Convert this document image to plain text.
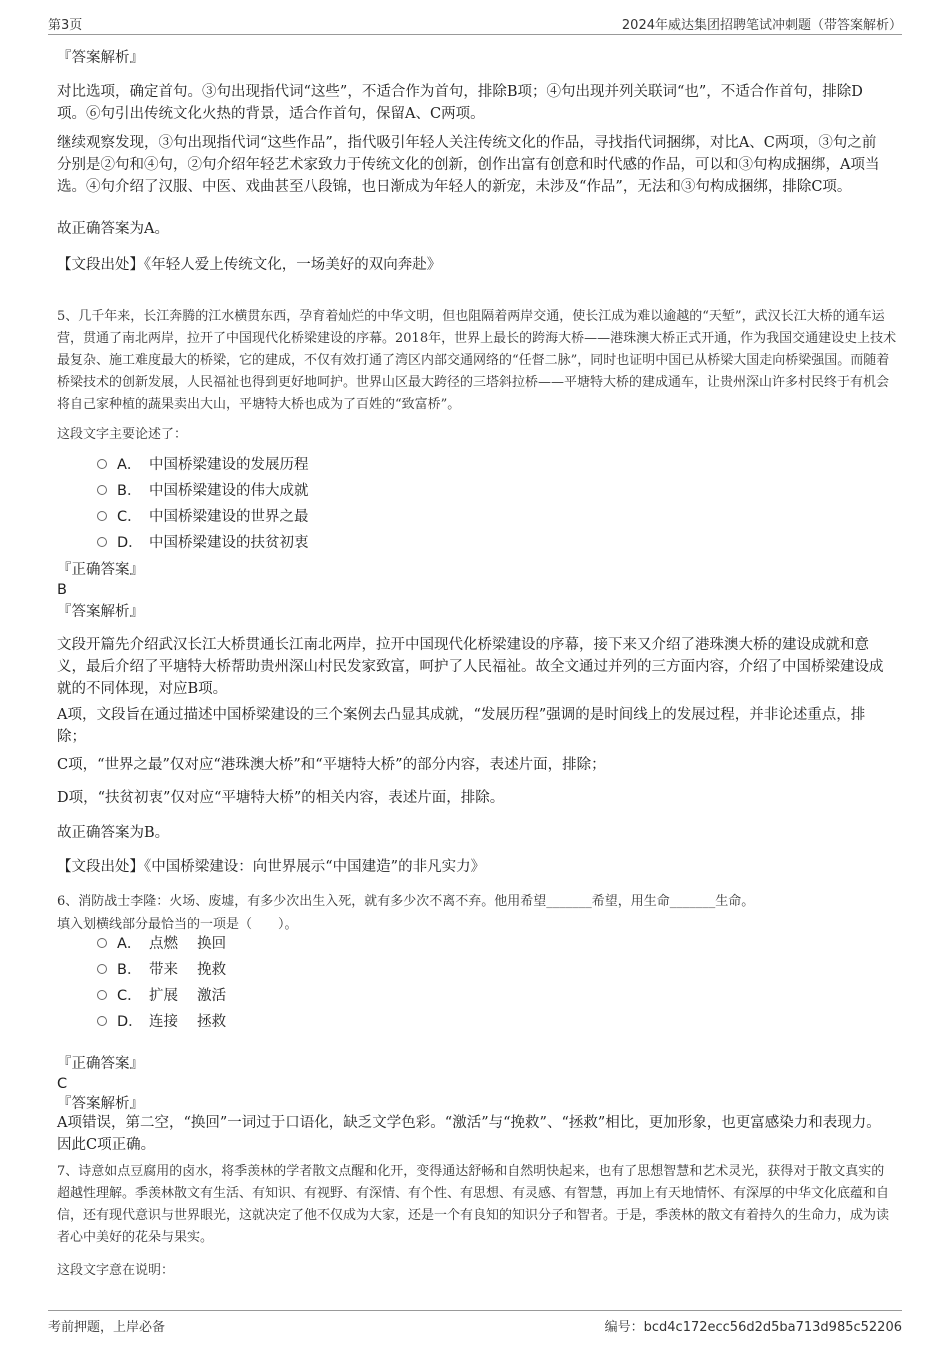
第3页	2024年威达集团招聘笔试冲刺题（带答案解析）

『答案解析』

对比选项，确定首句。③句出现指代词“这些”，不适合作为首句，排除B项；④句出现并列关联词“也”，不适合作首句，排除D项。⑥句引出传统文化火热的背景，适合作首句，保留A、C两项。

继续观察发现，③句出现指代词“这些作品”，指代吸引年轻人关注传统文化的作品，寻找指代词捆绑，对比A、C两项，③句之前分别是②句和④句，②句介绍年轻艺术家致力于传统文化的创新，创作出富有创意和时代感的作品，可以和③句构成捆绑，A项当选。④句介绍了汉服、中医、戏曲甚至八段锦，也日渐成为年轻人的新宠，未涉及“作品”，无法和③句构成捆绑，排除C项。

故正确答案为A。

【文段出处】《年轻人爱上传统文化，一场美好的双向奔赴》

5、几千年来，长江奔腾的江水横贯东西，孕育着灿烂的中华文明，但也阻隔着两岸交通，使长江成为难以逾越的“天堑”，武汉长江大桥的通车运营，贯通了南北两岸，拉开了中国现代化桥梁建设的序幕。2018年，世界上最长的跨海大桥——港珠澳大桥正式开通，作为我国交通建设史上技术最复杂、施工难度最大的桥梁，它的建成，不仅有效打通了湾区内部交通网络的“任督二脉”，同时也证明中国已从桥梁大国走向桥梁强国。而随着桥梁技术的创新发展，人民福祉也得到更好地呵护。世界山区最大跨径的三塔斜拉桥——平塘特大桥的建成通车，让贵州深山许多村民终于有机会将自己家种植的蔬果卖出大山，平塘特大桥也成为了百姓的“致富桥”。

这段文字主要论述了：

A． 中国桥梁建设的发展历程
B． 中国桥梁建设的伟大成就
C． 中国桥梁建设的世界之最
D． 中国桥梁建设的扶贫初衷

『正确答案』

B

『答案解析』

文段开篇先介绍武汉长江大桥贯通长江南北两岸，拉开中国现代化桥梁建设的序幕，接下来又介绍了港珠澳大桥的建设成就和意义，最后介绍了平塘特大桥帮助贵州深山村民发家致富，呵护了人民福祉。故全文通过并列的三方面内容，介绍了中国桥梁建设成就的不同体现，对应B项。

A项，文段旨在通过描述中国桥梁建设的三个案例去凸显其成就，“发展历程”强调的是时间线上的发展过程，并非论述重点，排除；

C项，“世界之最”仅对应“港珠澳大桥”和“平塘特大桥”的部分内容，表述片面，排除；

D项，“扶贫初衷”仅对应“平塘特大桥”的相关内容，表述片面，排除。

故正确答案为B。

【文段出处】《中国桥梁建设：向世界展示“中国建造”的非凡实力》

6、消防战士李隆：火场、废墟，有多少次出生入死，就有多少次不离不弃。他用希望_______希望，用生命_______生命。

填入划横线部分最恰当的一项是（　　）。

A． 点燃　 换回
B． 带来　 挽救
C． 扩展　 激活
D． 连接　 拯救

『正确答案』

C

『答案解析』

A项错误，第二空，“换回”一词过于口语化，缺乏文学色彩。“激活”与“挽救”、“拯救”相比，更加形象，也更富感染力和表现力。因此C项正确。

7、诗意如点豆腐用的卤水，将季羡林的学者散文点醒和化开，变得通达舒畅和自然明快起来，也有了思想智慧和艺术灵光，获得对于散文真实的超越性理解。季羡林散文有生活、有知识、有视野、有深情、有个性、有思想、有灵感、有智慧，再加上有天地情怀、有深厚的中华文化底蕴和自信，还有现代意识与世界眼光，这就决定了他不仅成为大家，还是一个有良知的知识分子和智者。于是，季羡林的散文有着持久的生命力，成为读者心中美好的花朵与果实。

这段文字意在说明：

考前押题，上岸必备	编号：bcd4c172ecc56d2d5ba713d985c52206
